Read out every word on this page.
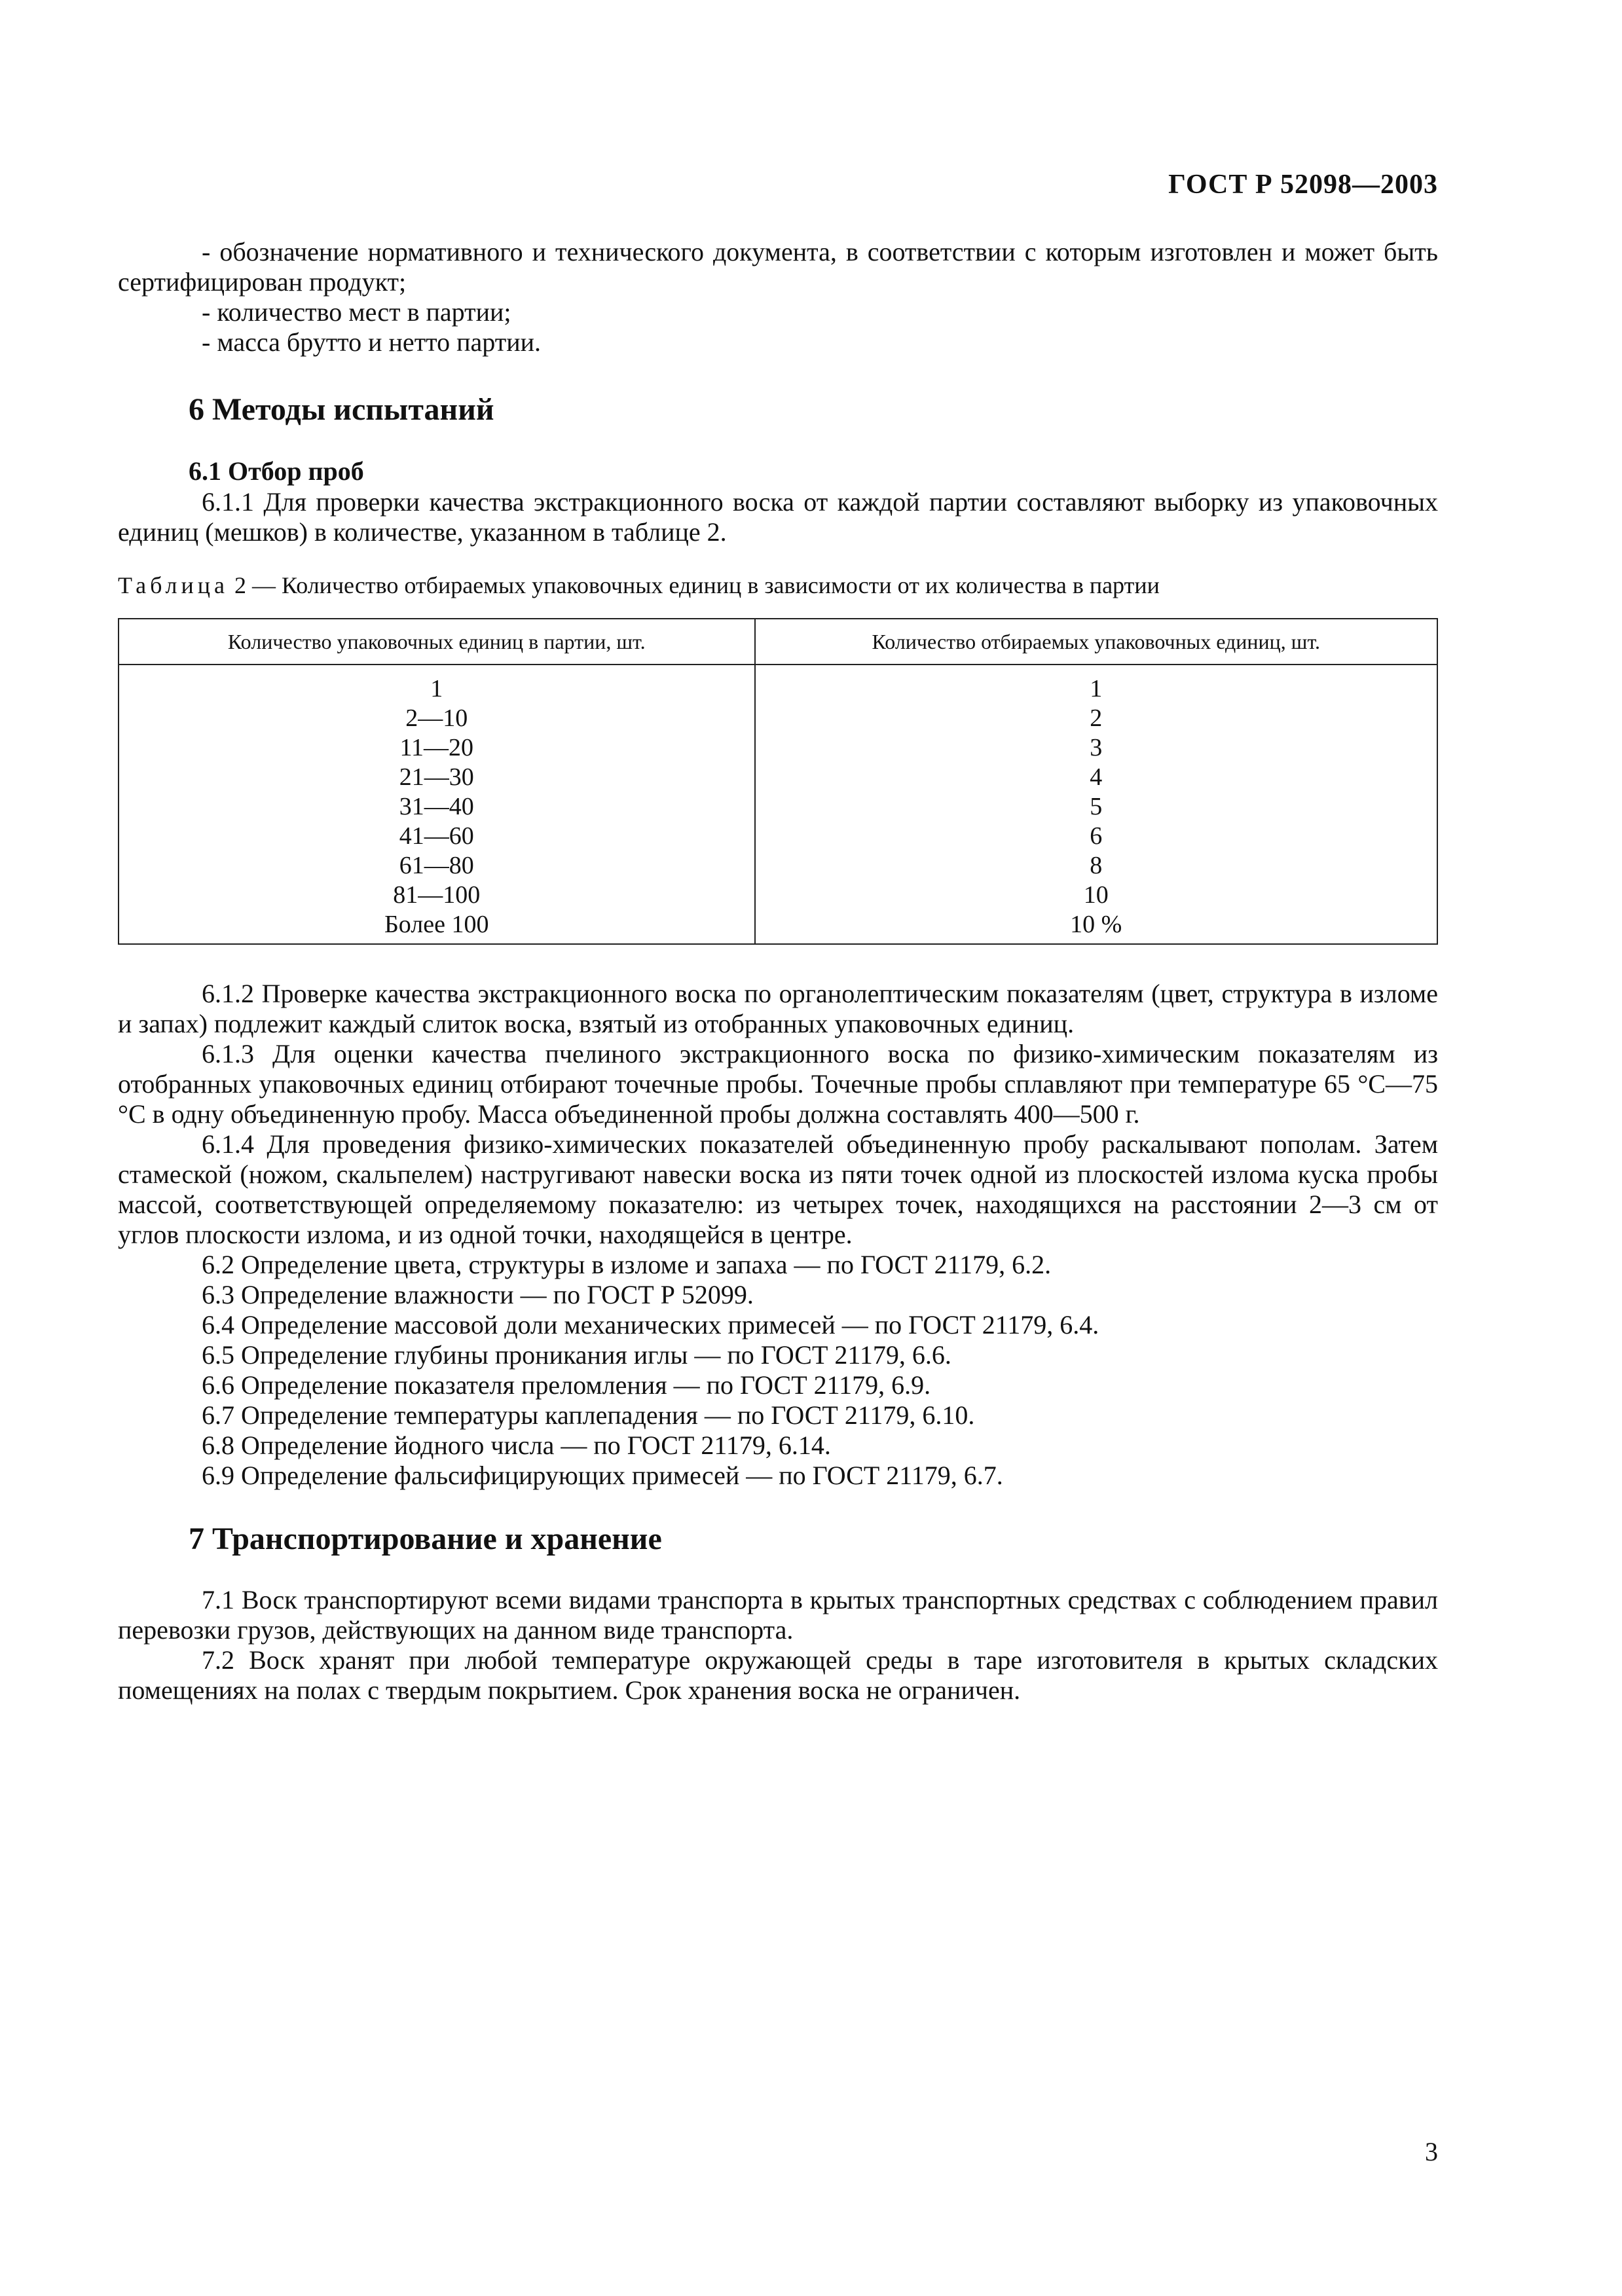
ГОСТ Р 52098—2003

- обозначение нормативного и технического документа, в соответствии с которым изготовлен и может быть сертифицирован продукт;

- количество мест в партии;

- масса брутто и нетто партии.

6 Методы испытаний
6.1 Отбор проб

6.1.1 Для проверки качества экстракционного воска от каждой партии составляют выборку из упаковочных единиц (мешков) в количестве, указанном в таблице 2.

Таблица 2 — Количество отбираемых упаковочных единиц в зависимости от их количества в партии

Количество упаковочных единиц в партии, шт.	Количество отбираемых упаковочных единиц, шт.
1	1
2—10	2
11—20	3
21—30	4
31—40	5
41—60	6
61—80	8
81—100	10
Более 100	10 %

6.1.2 Проверке качества экстракционного воска по органолептическим показателям (цвет, структура в изломе и запах) подлежит каждый слиток воска, взятый из отобранных упаковочных единиц.

6.1.3 Для оценки качества пчелиного экстракционного воска по физико-химическим показателям из отобранных упаковочных единиц отбирают точечные пробы. Точечные пробы сплавляют при температуре 65 °С—75 °С в одну объединенную пробу. Масса объединенной пробы должна составлять 400—500 г.

6.1.4 Для проведения физико-химических показателей объединенную пробу раскалывают пополам. Затем стамеской (ножом, скальпелем) настругивают навески воска из пяти точек одной из плоскостей излома куска пробы массой, соответствующей определяемому показателю: из четырех точек, находящихся на расстоянии 2—3 см от углов плоскости излома, и из одной точки, находящейся в центре.

6.2 Определение цвета, структуры в изломе и запаха — по ГОСТ 21179, 6.2.

6.3 Определение влажности — по ГОСТ Р 52099.

6.4 Определение массовой доли механических примесей — по ГОСТ 21179, 6.4.

6.5 Определение глубины проникания иглы — по ГОСТ 21179, 6.6.

6.6 Определение показателя преломления — по ГОСТ 21179, 6.9.

6.7 Определение температуры каплепадения — по ГОСТ 21179, 6.10.

6.8 Определение йодного числа — по ГОСТ 21179, 6.14.

6.9 Определение фальсифицирующих примесей — по ГОСТ 21179, 6.7.

7 Транспортирование и хранение

7.1 Воск транспортируют всеми видами транспорта в крытых транспортных средствах с соблюдением правил перевозки грузов, действующих на данном виде транспорта.

7.2 Воск хранят при любой температуре окружающей среды в таре изготовителя в крытых складских помещениях на полах с твердым покрытием. Срок хранения воска не ограничен.

3
